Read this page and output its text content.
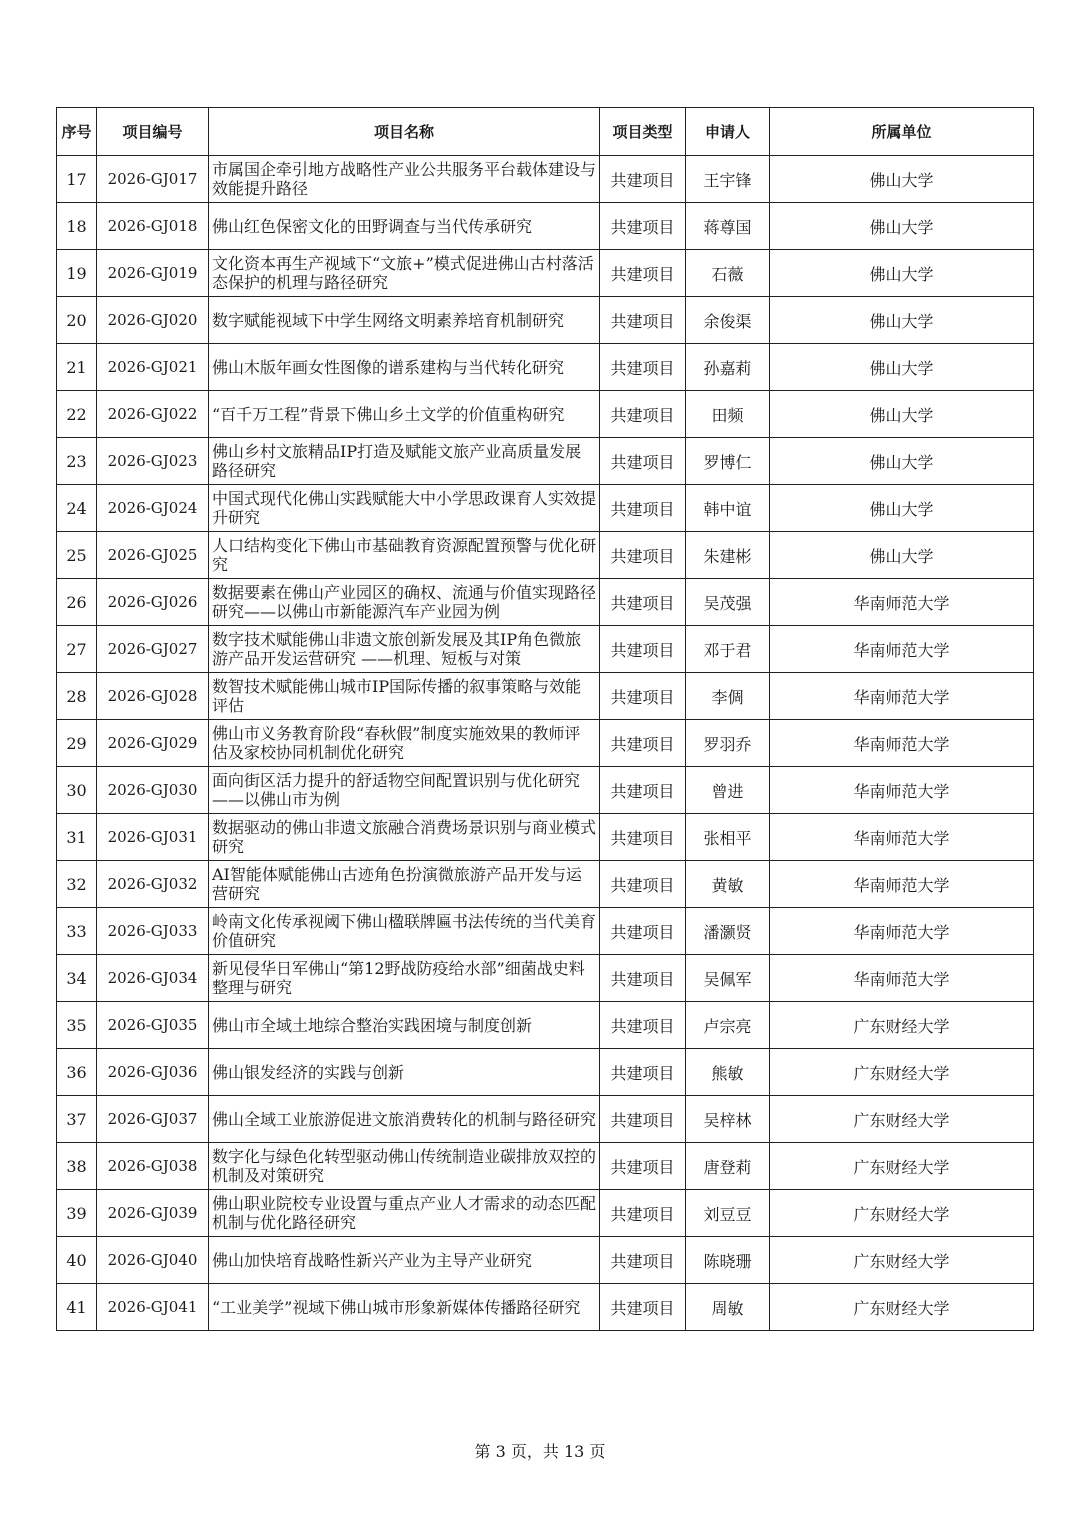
序号	项目编号	项目名称	项目类型	申请人	所属单位
17	2026-GJ017	市属国企牵引地方战略性产业公共服务平台载体建设与效能提升路径	共建项目	王宇锋	佛山大学
18	2026-GJ018	佛山红色保密文化的田野调查与当代传承研究	共建项目	蒋尊国	佛山大学
19	2026-GJ019	文化资本再生产视域下“文旅+”模式促进佛山古村落活态保护的机理与路径研究	共建项目	石薇	佛山大学
20	2026-GJ020	数字赋能视域下中学生网络文明素养培育机制研究	共建项目	余俊渠	佛山大学
21	2026-GJ021	佛山木版年画女性图像的谱系建构与当代转化研究	共建项目	孙嘉莉	佛山大学
22	2026-GJ022	“百千万工程”背景下佛山乡土文学的价值重构研究	共建项目	田频	佛山大学
23	2026-GJ023	佛山乡村文旅精品IP打造及赋能文旅产业高质量发展路径研究	共建项目	罗博仁	佛山大学
24	2026-GJ024	中国式现代化佛山实践赋能大中小学思政课育人实效提升研究	共建项目	韩中谊	佛山大学
25	2026-GJ025	人口结构变化下佛山市基础教育资源配置预警与优化研究	共建项目	朱建彬	佛山大学
26	2026-GJ026	数据要素在佛山产业园区的确权、流通与价值实现路径研究——以佛山市新能源汽车产业园为例	共建项目	吴茂强	华南师范大学
27	2026-GJ027	数字技术赋能佛山非遗文旅创新发展及其IP角色微旅游产品开发运营研究 ——机理、短板与对策	共建项目	邓于君	华南师范大学
28	2026-GJ028	数智技术赋能佛山城市IP国际传播的叙事策略与效能评估	共建项目	李倜	华南师范大学
29	2026-GJ029	佛山市义务教育阶段“春秋假”制度实施效果的教师评估及家校协同机制优化研究	共建项目	罗羽乔	华南师范大学
30	2026-GJ030	面向街区活力提升的舒适物空间配置识别与优化研究——以佛山市为例	共建项目	曾进	华南师范大学
31	2026-GJ031	数据驱动的佛山非遗文旅融合消费场景识别与商业模式研究	共建项目	张相平	华南师范大学
32	2026-GJ032	AI智能体赋能佛山古迹角色扮演微旅游产品开发与运营研究	共建项目	黄敏	华南师范大学
33	2026-GJ033	岭南文化传承视阈下佛山楹联牌匾书法传统的当代美育价值研究	共建项目	潘灏贤	华南师范大学
34	2026-GJ034	新见侵华日军佛山“第12野战防疫给水部”细菌战史料整理与研究	共建项目	吴佩军	华南师范大学
35	2026-GJ035	佛山市全域土地综合整治实践困境与制度创新	共建项目	卢宗亮	广东财经大学
36	2026-GJ036	佛山银发经济的实践与创新	共建项目	熊敏	广东财经大学
37	2026-GJ037	佛山全域工业旅游促进文旅消费转化的机制与路径研究	共建项目	吴梓林	广东财经大学
38	2026-GJ038	数字化与绿色化转型驱动佛山传统制造业碳排放双控的机制及对策研究	共建项目	唐登莉	广东财经大学
39	2026-GJ039	佛山职业院校专业设置与重点产业人才需求的动态匹配机制与优化路径研究	共建项目	刘豆豆	广东财经大学
40	2026-GJ040	佛山加快培育战略性新兴产业为主导产业研究	共建项目	陈晓珊	广东财经大学
41	2026-GJ041	“工业美学”视域下佛山城市形象新媒体传播路径研究	共建项目	周敏	广东财经大学
第 3 页，共 13 页
